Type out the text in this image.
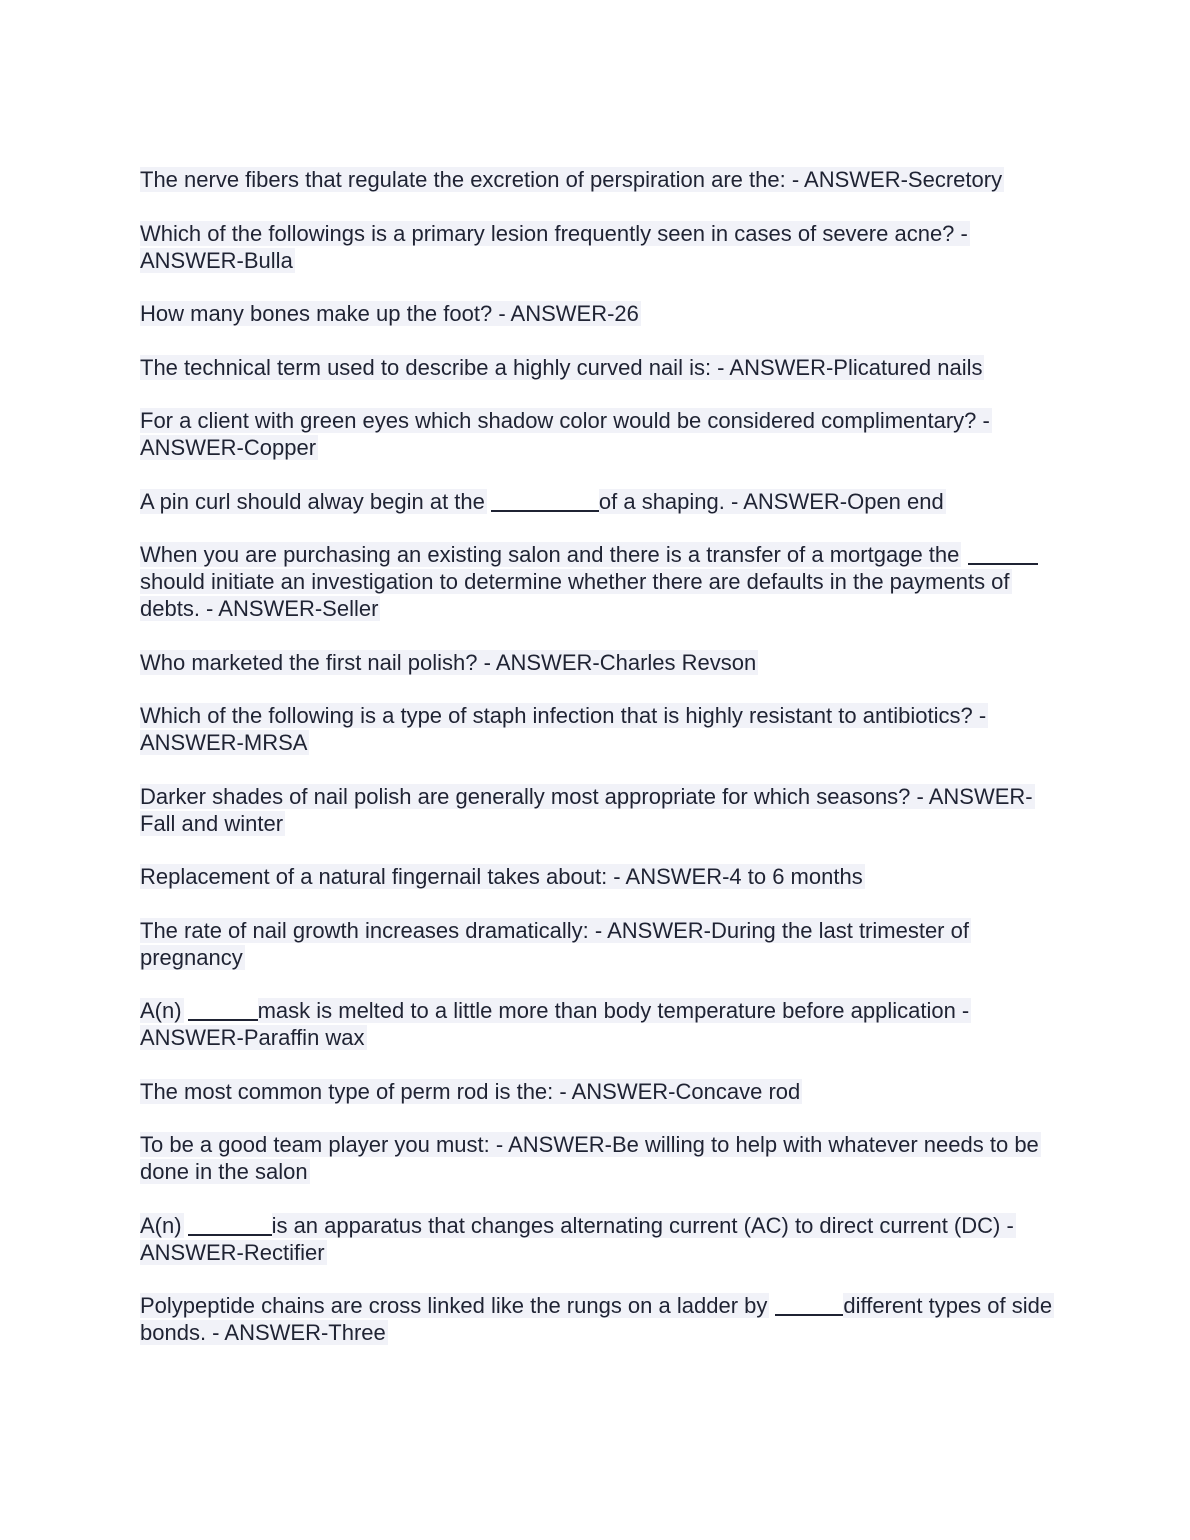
The nerve fibers that regulate the excretion of perspiration are the: - ANSWER-Secretory

Which of the followings is a primary lesion frequently seen in cases of severe acne? - ANSWER-Bulla

How many bones make up the foot? - ANSWER-26

The technical term used to describe a highly curved nail is: - ANSWER-Plicatured nails

For a client with green eyes which shadow color would be considered complimentary? - ANSWER-Copper

A pin curl should alway begin at the	of a shaping. - ANSWER-Open end

When you are purchasing an existing salon and there is a transfer of a mortgage the should initiate an investigation to determine whether there are defaults in the payments of debts. - ANSWER-Seller

Who marketed the first nail polish? - ANSWER-Charles Revson

Which of the following is a type of staph infection that is highly resistant to antibiotics? - ANSWER-MRSA

Darker shades of nail polish are generally most appropriate for which seasons? - ANSWER-Fall and winter

Replacement of a natural fingernail takes about: - ANSWER-4 to 6 months

The rate of nail growth increases dramatically: - ANSWER-During the last trimester of pregnancy

A(n)	mask is melted to a little more than body temperature before application - ANSWER-Paraffin wax

The most common type of perm rod is the: - ANSWER-Concave rod

To be a good team player you must: - ANSWER-Be willing to help with whatever needs to be done in the salon

A(n)	is an apparatus that changes alternating current (AC) to direct current (DC) - ANSWER-Rectifier

Polypeptide chains are cross linked like the rungs on a ladder by	different types of side bonds. - ANSWER-Three
